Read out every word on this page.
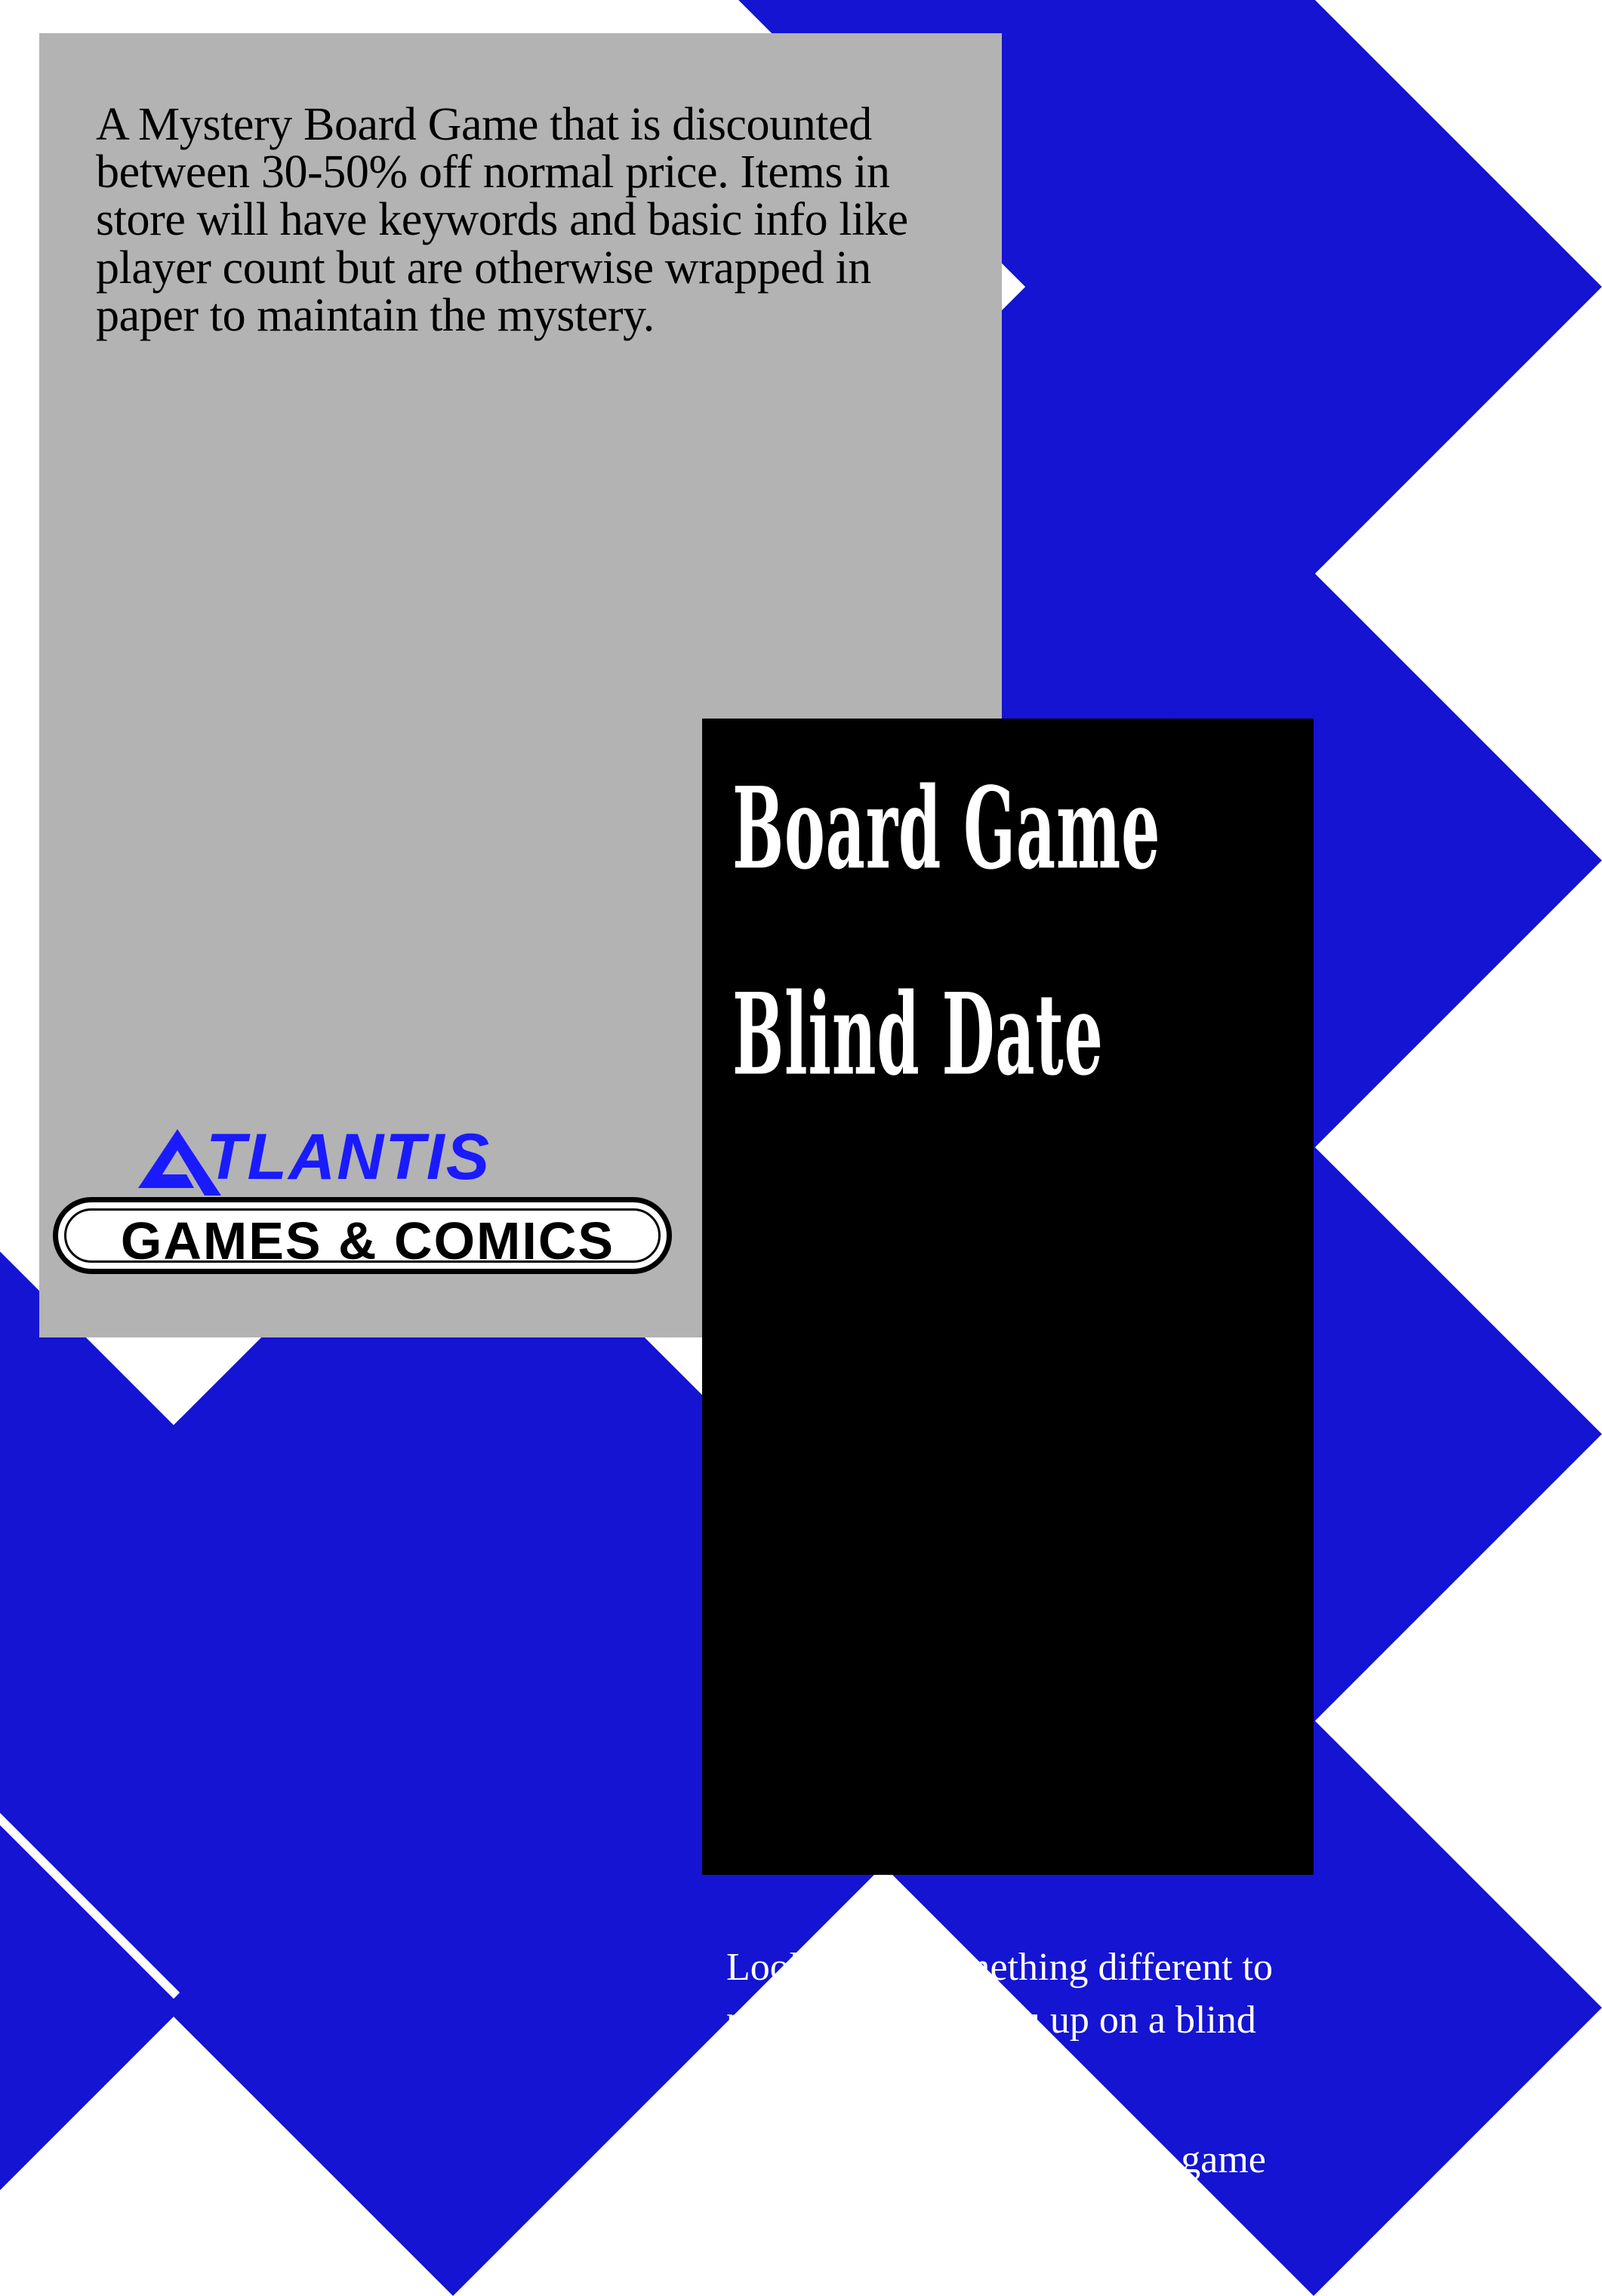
A Mystery Board Game that is discounted between 30-50% off normal price. Items in store will have keywords and basic info like player count but are otherwise wrapped in paper to maintain the mystery.
TLANTIS
GAMES & COMICS
Board Game
Blind Date

Looking for something different to play? Let us set you up on a blind date!

This box contains 1 mystery game for you to fall in love with!
